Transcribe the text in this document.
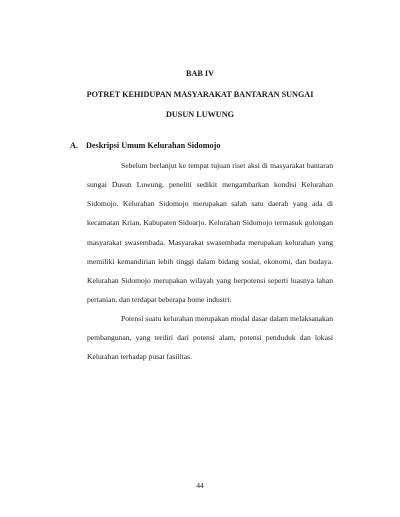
BAB IV
POTRET KEHIDUPAN MASYARAKAT BANTARAN SUNGAI
DUSUN LUWUNG
A. Deskripsi Umum Kelurahan Sidomojo

Sebelum berlanjut ke tempat tujuan riset aksi di masyarakat bantaran sungai Dusun Luwung, peneliti sedikit mengambarkan kondisi Kelurahan Sidomojo. Kelurahan Sidomojo merupakan salah satu daerah yang ada di kecamatan Krian, Kabupaten Sidoarjo. Kelurahan Sidomojo termasuk golongan masyarakat swasembada. Masyarakat swasembada merupakan kelurahan yang memiliki kemandirian lebih tinggi dalam bidang sosial, ekonomi, dan budaya. Kelurahan Sidomojo merupakan wilayah yang berpotensi seperti luasnya lahan pertanian, dan terdapat beberapa home industri.

Potensi suatu kelurahan merupakan modal dasar dalam melaksanakan pembangunan, yang terdiri dari potensi alam, potensi penduduk dan lokasi Kelurahan terhadap pusat fasilitas.

44
